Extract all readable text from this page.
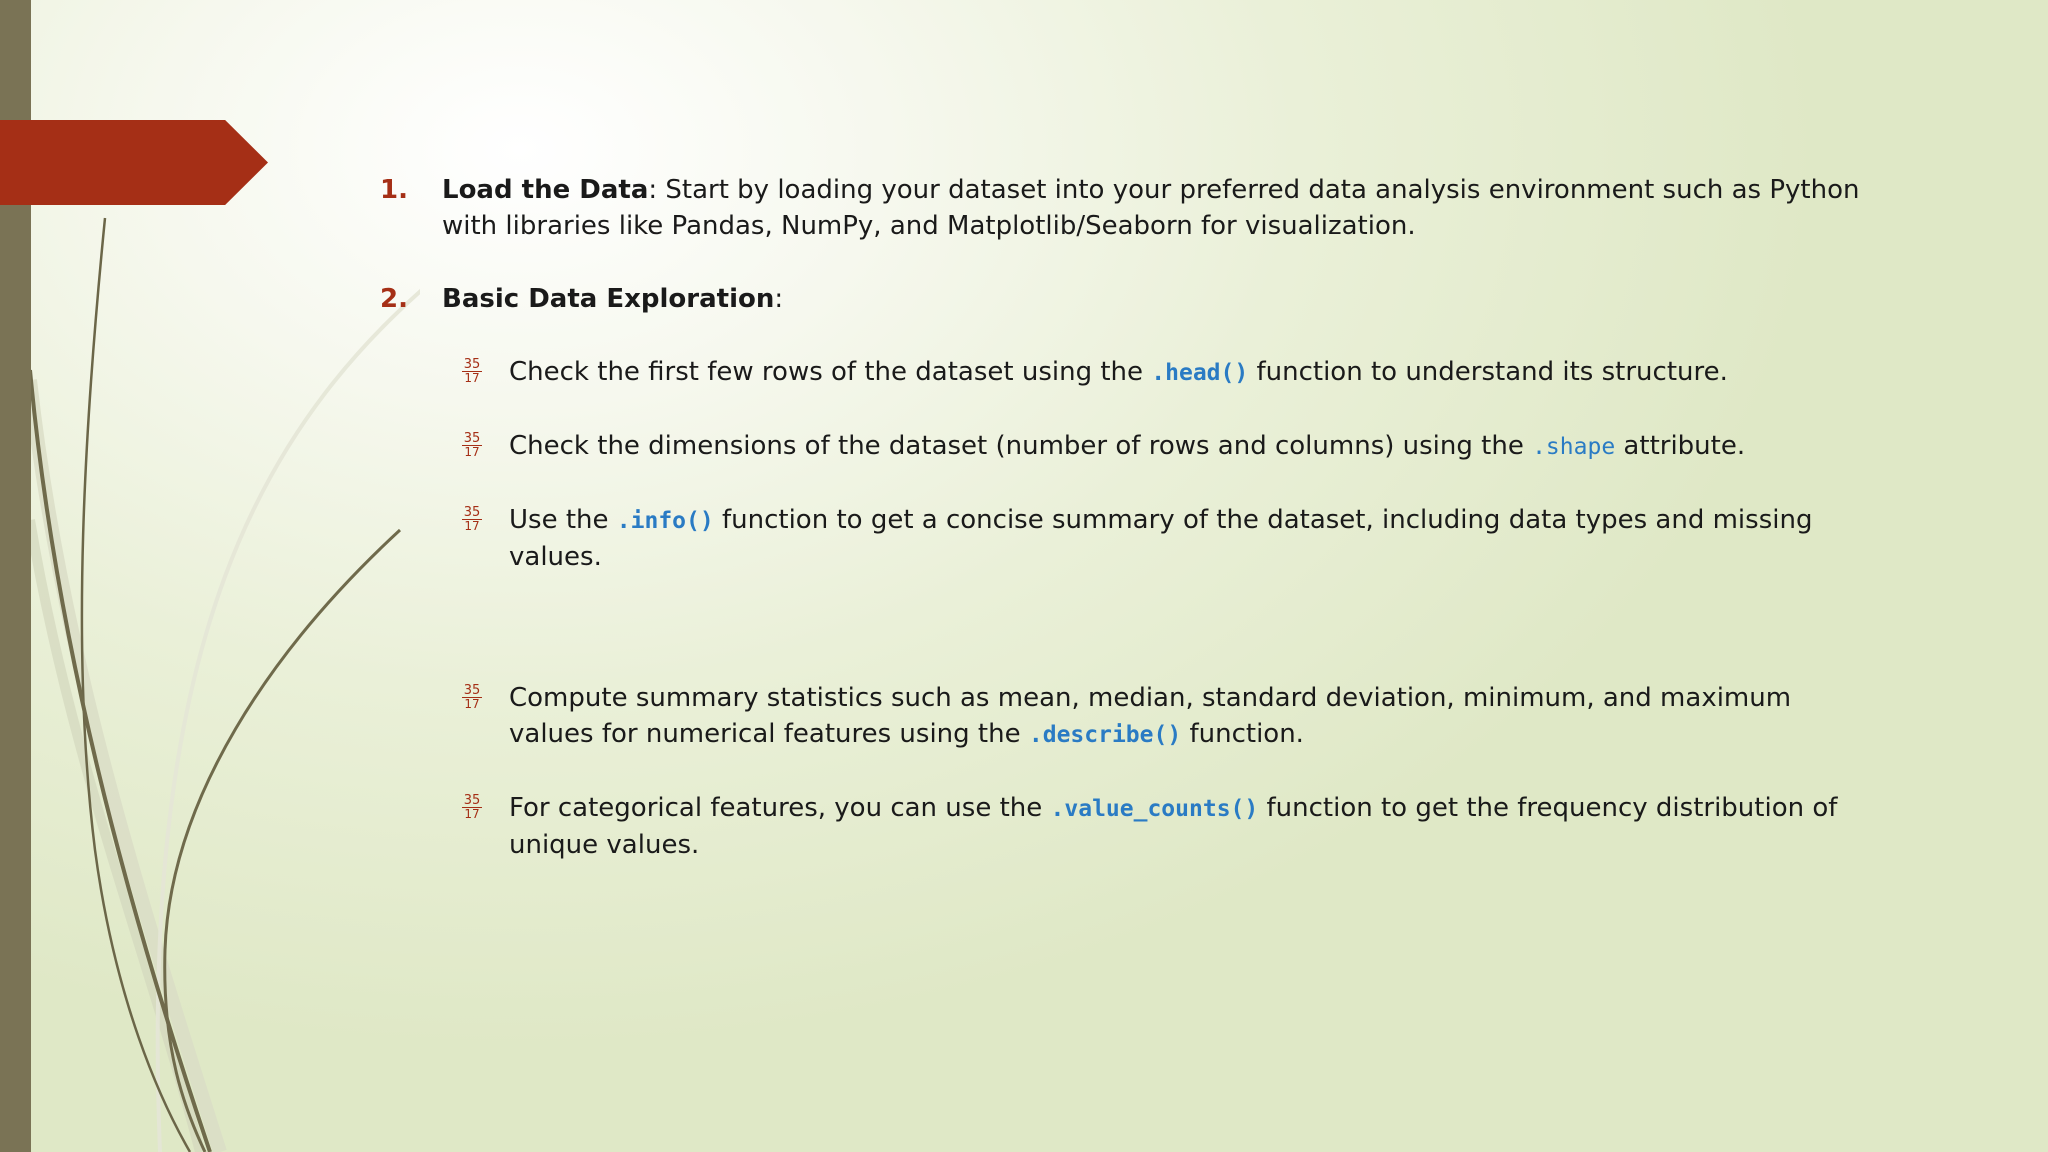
1. Load the Data: Start by loading your dataset into your preferred data analysis environment such as Python with libraries like Pandas, NumPy, and Matplotlib/Seaborn for visualization.
2. Basic Data Exploration:
35
17 Check the first few rows of the dataset using the .head() function to understand its structure.
35
17 Check the dimensions of the dataset (number of rows and columns) using the .shape attribute.
35
17 Use the .info() function to get a concise summary of the dataset, including data types and missing values.
35
17 Compute summary statistics such as mean, median, standard deviation, minimum, and maximum values for numerical features using the .describe() function.
35
17 For categorical features, you can use the .value_counts() function to get the frequency distribution of unique values.
